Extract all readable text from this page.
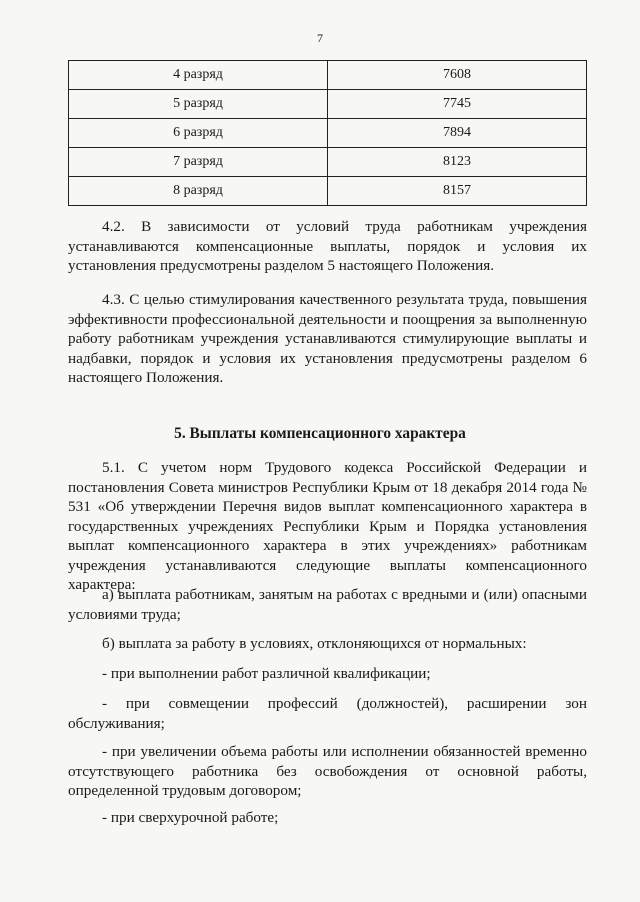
7
4 разряд	7608
5 разряд	7745
6 разряд	7894
7 разряд	8123
8 разряд	8157

4.2. В зависимости от условий труда работникам учреждения устанавливаются компенсационные выплаты, порядок и условия их установления предусмотрены разделом 5 настоящего Положения.

4.3. С целью стимулирования качественного результата труда, повышения эффективности профессиональной деятельности и поощрения за выполненную работу работникам учреждения устанавливаются стимулирующие выплаты и надбавки, порядок и условия их установления предусмотрены разделом 6 настоящего Положения.

5. Выплаты компенсационного характера

5.1. С учетом норм Трудового кодекса Российской Федерации и постановления Совета министров Республики Крым от 18 декабря 2014 года № 531 «Об утверждении Перечня видов выплат компенсационного характера в государственных учреждениях Республики Крым и Порядка установления выплат компенсационного характера в этих учреждениях» работникам учреждения устанавливаются следующие выплаты компенсационного характера:

а) выплата работникам, занятым на работах с вредными и (или) опасными условиями труда;

б) выплата за работу в условиях, отклоняющихся от нормальных:

- при выполнении работ различной квалификации;

- при совмещении профессий (должностей), расширении зон обслуживания;

- при увеличении объема работы или исполнении обязанностей временно отсутствующего работника без освобождения от основной работы, определенной трудовым договором;

- при сверхурочной работе;
